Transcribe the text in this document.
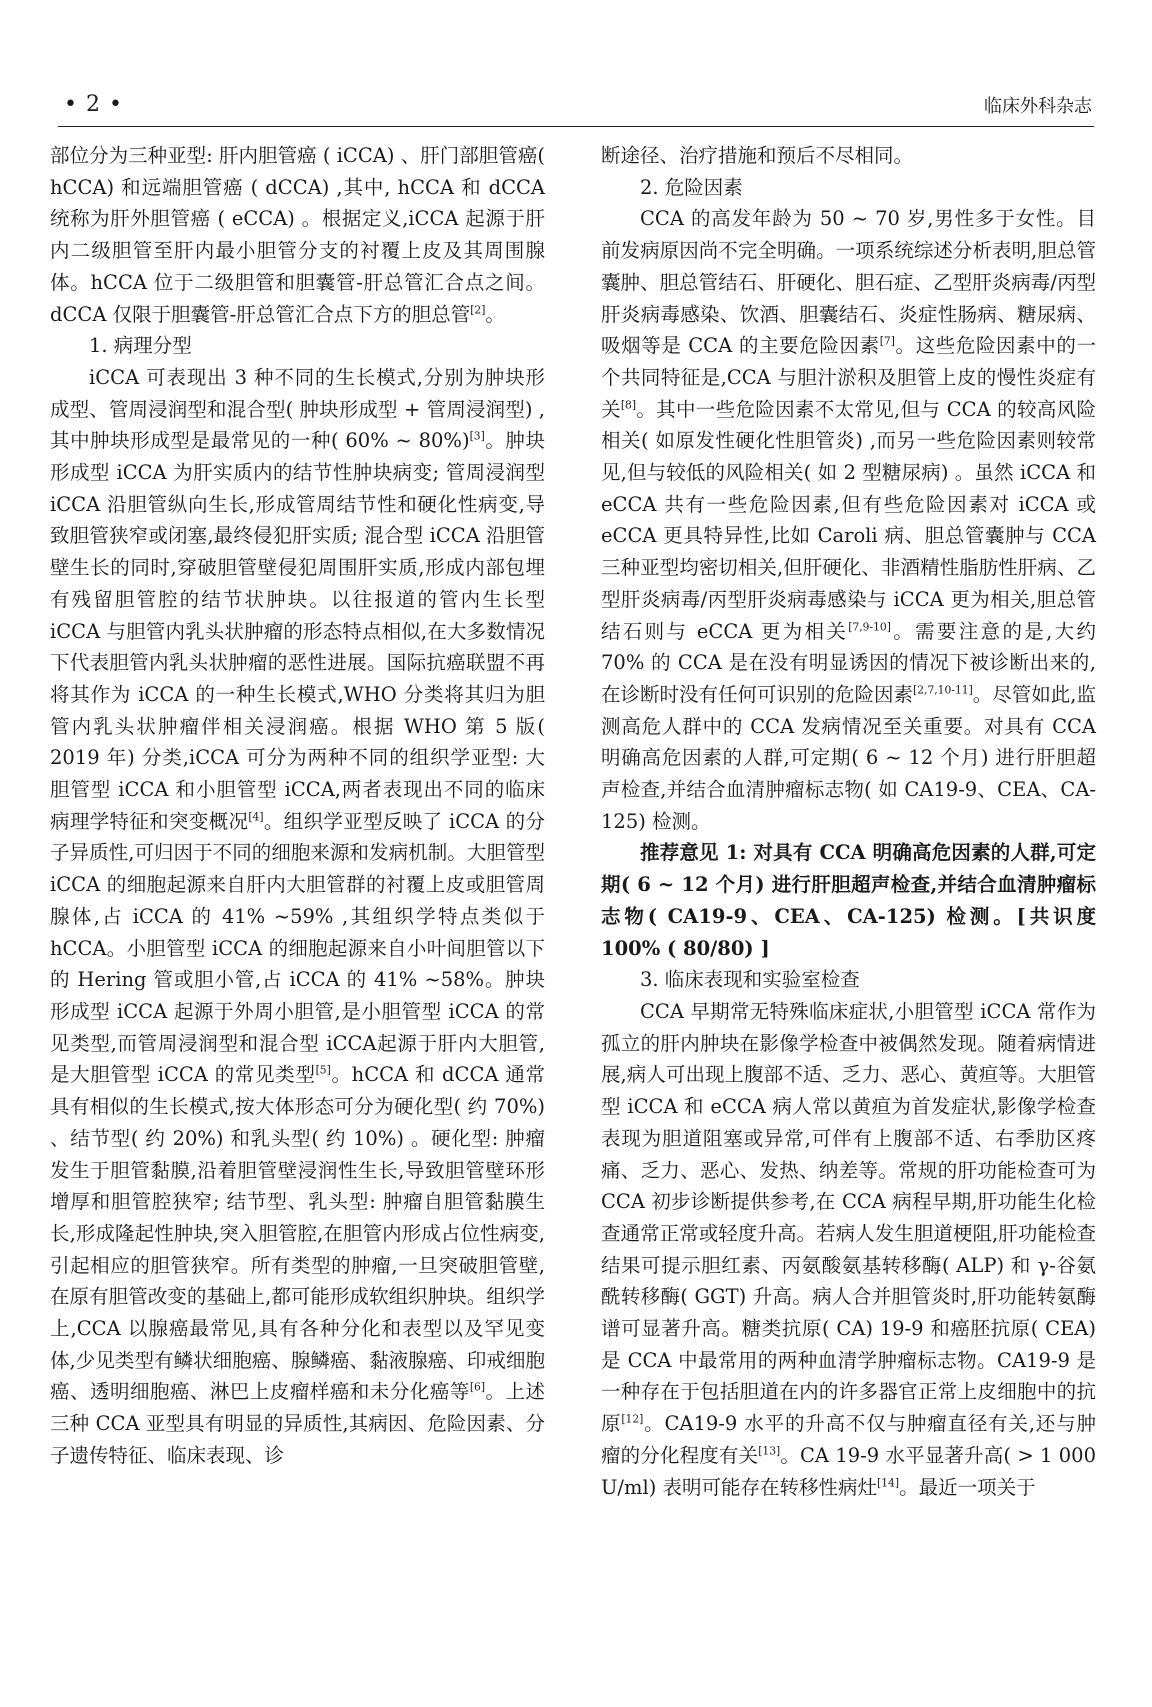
• 2 •	临床外科杂志

部位分为三种亚型: 肝内胆管癌 ( iCCA) 、肝门部胆管癌( hCCA) 和远端胆管癌 ( dCCA) ,其中, hCCA 和 dCCA 统称为肝外胆管癌 ( eCCA) 。根据定义,iCCA 起源于肝内二级胆管至肝内最小胆管分支的衬覆上皮及其周围腺体。hCCA 位于二级胆管和胆囊管-肝总管汇合点之间。dCCA 仅限于胆囊管-肝总管汇合点下方的胆总管[2]。

1. 病理分型

iCCA 可表现出 3 种不同的生长模式,分别为肿块形成型、管周浸润型和混合型( 肿块形成型 + 管周浸润型) ,其中肿块形成型是最常见的一种( 60% ~ 80%)[3]。肿块形成型 iCCA 为肝实质内的结节性肿块病变; 管周浸润型 iCCA 沿胆管纵向生长,形成管周结节性和硬化性病变,导致胆管狭窄或闭塞,最终侵犯肝实质; 混合型 iCCA 沿胆管壁生长的同时,穿破胆管壁侵犯周围肝实质,形成内部包埋有残留胆管腔的结节状肿块。以往报道的管内生长型 iCCA 与胆管内乳头状肿瘤的形态特点相似,在大多数情况下代表胆管内乳头状肿瘤的恶性进展。国际抗癌联盟不再将其作为 iCCA 的一种生长模式,WHO 分类将其归为胆管内乳头状肿瘤伴相关浸润癌。根据 WHO 第 5 版( 2019 年) 分类,iCCA 可分为两种不同的组织学亚型: 大胆管型 iCCA 和小胆管型 iCCA,两者表现出不同的临床病理学特征和突变概况[4]。组织学亚型反映了 iCCA 的分子异质性,可归因于不同的细胞来源和发病机制。大胆管型 iCCA 的细胞起源来自肝内大胆管群的衬覆上皮或胆管周腺体,占 iCCA 的 41% ~59% ,其组织学特点类似于hCCA。小胆管型 iCCA 的细胞起源来自小叶间胆管以下的 Hering 管或胆小管,占 iCCA 的 41% ~58%。肿块形成型 iCCA 起源于外周小胆管,是小胆管型 iCCA 的常见类型,而管周浸润型和混合型 iCCA起源于肝内大胆管,是大胆管型 iCCA 的常见类型[5]。hCCA 和 dCCA 通常具有相似的生长模式,按大体形态可分为硬化型( 约 70%) 、结节型( 约 20%) 和乳头型( 约 10%) 。硬化型: 肿瘤发生于胆管黏膜,沿着胆管壁浸润性生长,导致胆管壁环形增厚和胆管腔狭窄; 结节型、乳头型: 肿瘤自胆管黏膜生长,形成隆起性肿块,突入胆管腔,在胆管内形成占位性病变,引起相应的胆管狭窄。所有类型的肿瘤,一旦突破胆管壁,在原有胆管改变的基础上,都可能形成软组织肿块。组织学上,CCA 以腺癌最常见,具有各种分化和表型以及罕见变体,少见类型有鳞状细胞癌、腺鳞癌、黏液腺癌、印戒细胞癌、透明细胞癌、淋巴上皮瘤样癌和未分化癌等[6]。上述三种 CCA 亚型具有明显的异质性,其病因、危险因素、分子遗传特征、临床表现、诊

断途径、治疗措施和预后不尽相同。

2. 危险因素

CCA 的高发年龄为 50 ~ 70 岁,男性多于女性。目前发病原因尚不完全明确。一项系统综述分析表明,胆总管囊肿、胆总管结石、肝硬化、胆石症、乙型肝炎病毒/丙型肝炎病毒感染、饮酒、胆囊结石、炎症性肠病、糖尿病、吸烟等是 CCA 的主要危险因素[7]。这些危险因素中的一个共同特征是,CCA 与胆汁淤积及胆管上皮的慢性炎症有关[8]。其中一些危险因素不太常见,但与 CCA 的较高风险相关( 如原发性硬化性胆管炎) ,而另一些危险因素则较常见,但与较低的风险相关( 如 2 型糖尿病) 。虽然 iCCA 和 eCCA 共有一些危险因素,但有些危险因素对 iCCA 或 eCCA 更具特异性,比如 Caroli 病、胆总管囊肿与 CCA 三种亚型均密切相关,但肝硬化、非酒精性脂肪性肝病、乙型肝炎病毒/丙型肝炎病毒感染与 iCCA 更为相关,胆总管结石则与 eCCA 更为相关[7,9-10]。需要注意的是,大约 70% 的 CCA 是在没有明显诱因的情况下被诊断出来的,在诊断时没有任何可识别的危险因素[2,7,10-11]。尽管如此,监测高危人群中的 CCA 发病情况至关重要。对具有 CCA 明确高危因素的人群,可定期( 6 ~ 12 个月) 进行肝胆超声检查,并结合血清肿瘤标志物( 如 CA19-9、CEA、CA-125) 检测。

推荐意见 1: 对具有 CCA 明确高危因素的人群,可定期( 6 ~ 12 个月) 进行肝胆超声检查,并结合血清肿瘤标志物( CA19-9、CEA、CA-125) 检测。[共识度 100% ( 80/80) ]

3. 临床表现和实验室检查

CCA 早期常无特殊临床症状,小胆管型 iCCA 常作为孤立的肝内肿块在影像学检查中被偶然发现。随着病情进展,病人可出现上腹部不适、乏力、恶心、黄疸等。大胆管型 iCCA 和 eCCA 病人常以黄疸为首发症状,影像学检查表现为胆道阻塞或异常,可伴有上腹部不适、右季肋区疼痛、乏力、恶心、发热、纳差等。常规的肝功能检查可为 CCA 初步诊断提供参考,在 CCA 病程早期,肝功能生化检查通常正常或轻度升高。若病人发生胆道梗阻,肝功能检查结果可提示胆红素、丙氨酸氨基转移酶( ALP) 和 γ-谷氨酰转移酶( GGT) 升高。病人合并胆管炎时,肝功能转氨酶谱可显著升高。糖类抗原( CA) 19-9 和癌胚抗原( CEA) 是 CCA 中最常用的两种血清学肿瘤标志物。CA19-9 是一种存在于包括胆道在内的许多器官正常上皮细胞中的抗原[12]。CA19-9 水平的升高不仅与肿瘤直径有关,还与肿瘤的分化程度有关[13]。CA 19-9 水平显著升高( > 1 000 U/ml) 表明可能存在转移性病灶[14]。最近一项关于
